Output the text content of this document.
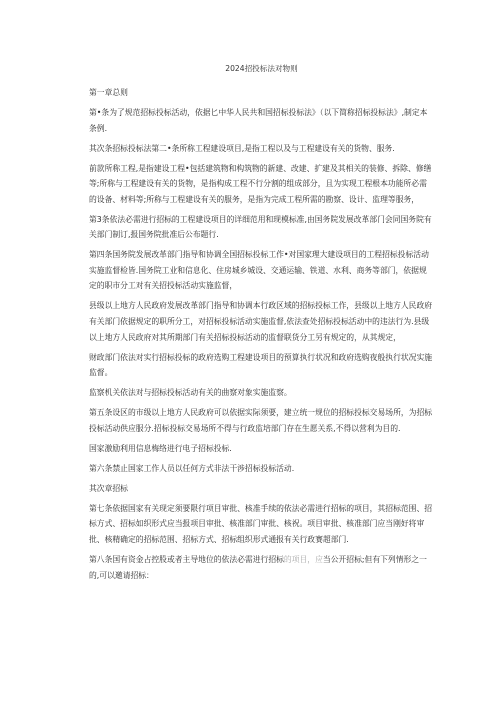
2024招投标法对物则
第一章总则

第•条为了规范招标投标活动，依据匕中华人民共和国招标投标法》（以下简称招标投标法》,制定本条例.

其次条招标投标法第二•条所称工程建设项目,是指工程以及与工程建设有关的货物、服务.

前款所称工程,是指建设工程•包括建筑物和构筑物的新建、改建、扩建及其相关的装修、拆除、修缮等;所称与工程建设有关的货物，是指构成工程不行分割的组成部分，且为实现工程根本功能所必需的设备、材料等;所称与工程建设有关的服务，是指为完成工程所需的勘察、设计、监理等服务，

第3条依法必需进行招标的工程建设项目的详细范用和现模标准,由国务院发展改革部门会同国务院有关部门制订,报国务院批准后公布题行.

第四条国务院发展改革部门指导和协调全国招标投标工作•对国家理大建设项目的工程招标投标活动实施监督检皆.国务院工业和信息化、住房城乡城设、交通运输、铁道、水利、商务等部门，依据规定的职市分工对有关招投标活动实施监督，

县级以上地方人民政府发展改革部门指导和协调本行政区域的招标投标工作，县级以上地方人民政府有关部门依据规定的职所分工，对招标投标活动实施监督,依法查处招标投标活动中的违法行为.县级以上地方人民政府对其所期部门有关招标投标活动的监督联货分工另有规定的，从其规定，

财政部门依法对实行招标投标的政府选购工程建设项目的预算执行状况和政府选购夜般执行状况实施监督。

监察机关依法对与招标投标活动有关的曲察对象实施监察。

第五条设区的市级以上地方人民政府可以依据实际须要，建立统一规位的招标投标交易场所，为招标投标活动供应服分.招标投标交易场所不得与行政监培部门存在生愿关系,不得以营利为目的.

国家激励利用信息梅络进行电子招标投标.

第六条禁止国家工作人员以任何方式非法干涉招标投标活动.

其次章招标

第七条依据国家有关现定须要限行项目审批、核准手续的依法必需进行招标的项目，其招标范围、招标方式、招标如织形式应当报项目审批、核准部门审批、核祝。项目审批、核准部门应当刚好将审批、核精确定的招标范围、招标方式、招标组织形式通报有关行政赛超部门.

第八条国有资金占控股或者主导地位的依法必需进行招标的项目，应当公开招标;但有下列情形之一的,可以邀请招标：
